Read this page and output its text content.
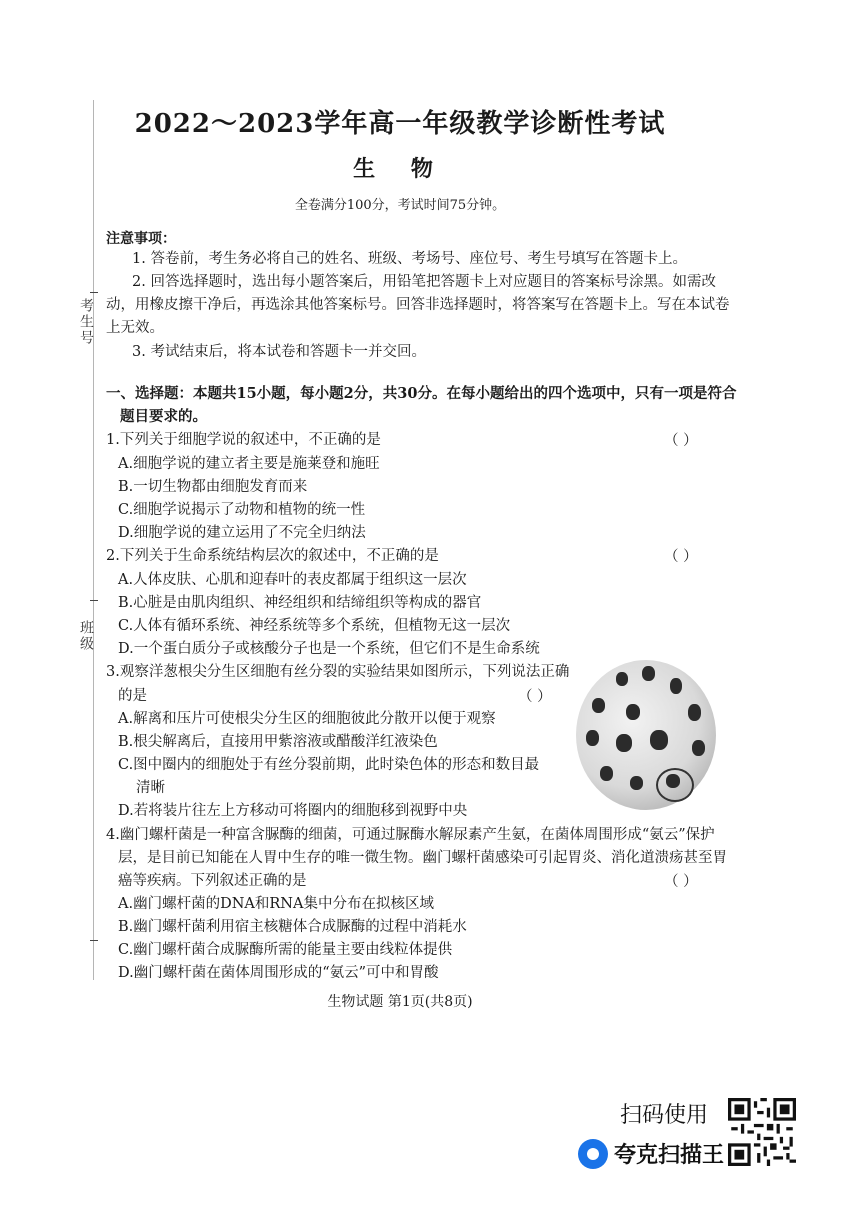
考生号
班级
2022～2023学年高一年级教学诊断性考试
生 物
全卷满分100分，考试时间75分钟。
注意事项：
1. 答卷前，考生务必将自己的姓名、班级、考场号、座位号、考生号填写在答题卡上。
2. 回答选择题时，选出每小题答案后，用铅笔把答题卡上对应题目的答案标号涂黑。如需改
动，用橡皮擦干净后，再选涂其他答案标号。回答非选择题时，将答案写在答题卡上。写在本试卷
上无效。
3. 考试结束后，将本试卷和答题卡一并交回。
一、选择题：本题共15小题，每小题2分，共30分。在每小题给出的四个选项中，只有一项是符合
题目要求的。
1.下列关于细胞学说的叙述中，不正确的是	（ ）
A.细胞学说的建立者主要是施莱登和施旺
B.一切生物都由细胞发育而来
C.细胞学说揭示了动物和植物的统一性
D.细胞学说的建立运用了不完全归纳法
2.下列关于生命系统结构层次的叙述中，不正确的是	（ ）
A.人体皮肤、心肌和迎春叶的表皮都属于组织这一层次
B.心脏是由肌肉组织、神经组织和结缔组织等构成的器官
C.人体有循环系统、神经系统等多个系统，但植物无这一层次
D.一个蛋白质分子或核酸分子也是一个系统，但它们不是生命系统
3.观察洋葱根尖分生区细胞有丝分裂的实验结果如图所示，下列说法正确
的是	（ ）
A.解离和压片可使根尖分生区的细胞彼此分散开以便于观察
B.根尖解离后，直接用甲紫溶液或醋酸洋红液染色
C.图中圈内的细胞处于有丝分裂前期，此时染色体的形态和数目最
清晰
D.若将装片往左上方移动可将圈内的细胞移到视野中央
4.幽门螺杆菌是一种富含脲酶的细菌，可通过脲酶水解尿素产生氨，在菌体周围形成“氨云”保护
层，是目前已知能在人胃中生存的唯一微生物。幽门螺杆菌感染可引起胃炎、消化道溃疡甚至胃
癌等疾病。下列叙述正确的是	（ ）
A.幽门螺杆菌的DNA和RNA集中分布在拟核区域
B.幽门螺杆菌利用宿主核糖体合成脲酶的过程中消耗水
C.幽门螺杆菌合成脲酶所需的能量主要由线粒体提供
D.幽门螺杆菌在菌体周围形成的“氨云”可中和胃酸
生物试题 第1页(共8页)
扫码使用
夸克扫描王
